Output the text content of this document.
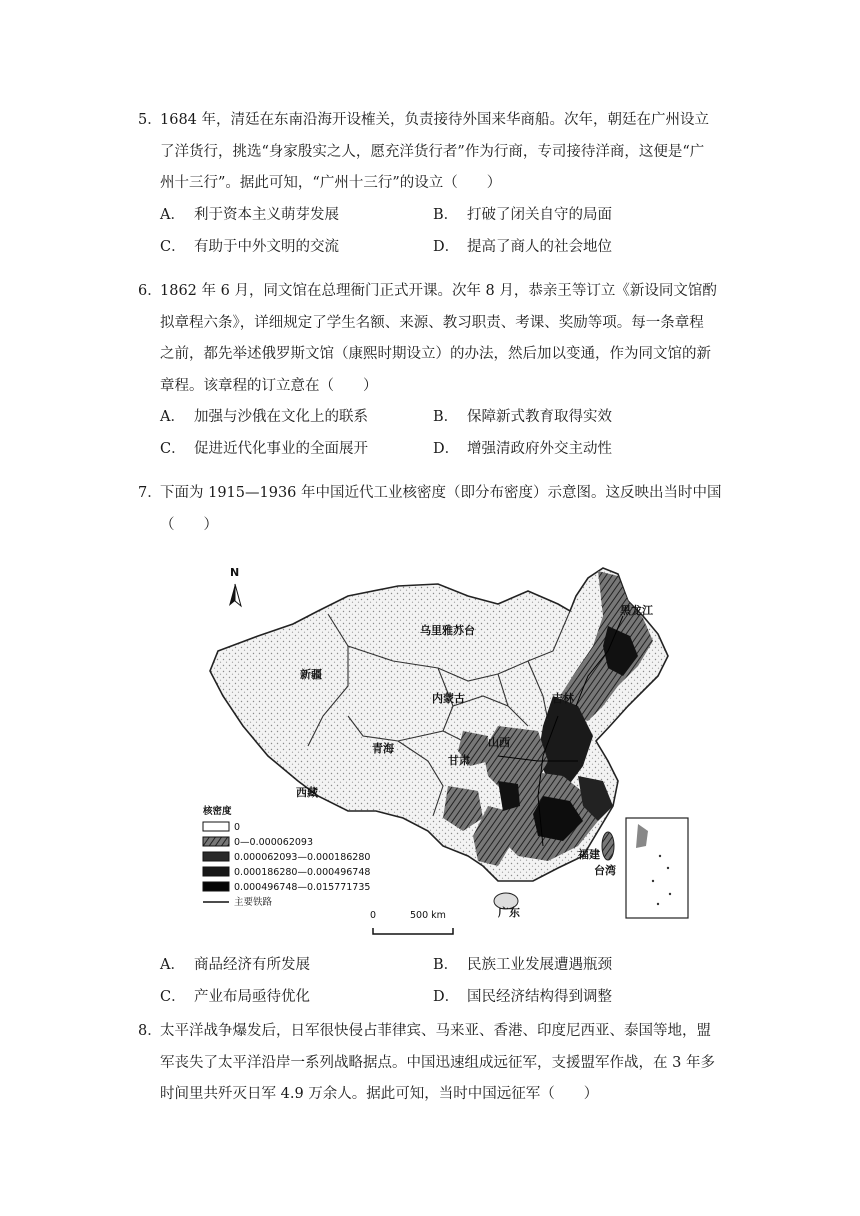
5．
1684 年，清廷在东南沿海开设榷关，负责接待外国来华商船。次年，朝廷在广州设立
了洋货行，挑选“身家殷实之人，愿充洋货行者”作为行商，专司接待洋商，这便是“广
州十三行”。据此可知，“广州十三行”的设立（　　）
A． 利于资本主义萌芽发展	B． 打破了闭关自守的局面
C． 有助于中外文明的交流	D． 提高了商人的社会地位
6．
1862 年 6 月，同文馆在总理衙门正式开课。次年 8 月，恭亲王等订立《新设同文馆酌
拟章程六条》，详细规定了学生名额、来源、教习职责、考课、奖励等项。每一条章程
之前，都先举述俄罗斯文馆（康熙时期设立）的办法，然后加以变通，作为同文馆的新
章程。该章程的订立意在（　　）
A． 加强与沙俄在文化上的联系	B． 保障新式教育取得实效
C． 促进近代化事业的全面展开	D． 增强清政府外交主动性
7．
下面为 1915—1936 年中国近代工业核密度（即分布密度）示意图。这反映出当时中国
（　　）
N
乌里雅苏台
黑龙江
新疆
内蒙古	吉林
山西
青海
甘肃
西藏
福建
台湾
广东
核密度
0
0—0.000062093
0.000062093—0.000186280
0.000186280—0.000496748
0.000496748—0.015771735
主要铁路
0	500 km
A． 商品经济有所发展	B． 民族工业发展遭遇瓶颈
C． 产业布局亟待优化	D． 国民经济结构得到调整
8．
太平洋战争爆发后，日军很快侵占菲律宾、马来亚、香港、印度尼西亚、泰国等地，盟
军丧失了太平洋沿岸一系列战略据点。中国迅速组成远征军，支援盟军作战，在 3 年多
时间里共歼灭日军 4.9 万余人。据此可知，当时中国远征军（　　）
